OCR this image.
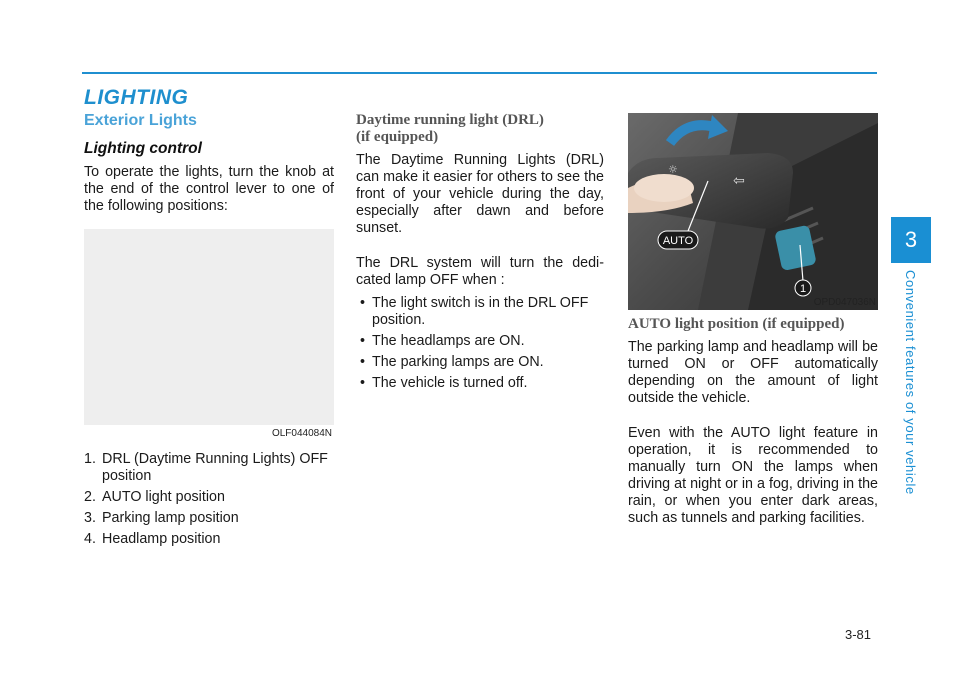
LIGHTING
Exterior Lights
Lighting control

To operate the lights, turn the knob at the end of the control lever to one of the following positions:

OLF044084N
1. DRL (Daytime Running Lights) OFF position
2. AUTO light position
3. Parking lamp position
4. Headlamp position
Daytime running light (DRL)
(if equipped)

The Daytime Running Lights (DRL) can make it easier for others to see the front of your vehicle during the day, especially after dawn and before sunset.

The DRL system will turn the dedi-cated lamp OFF when :

• The light switch is in the DRL OFF position.
• The headlamps are ON.
• The parking lamps are ON.
• The vehicle is turned off.
☼
⇦
AUTO
1
OPD047036N
AUTO light position (if equipped)

The parking lamp and headlamp will be turned ON or OFF automatically depending on the amount of light outside the vehicle.

Even with the AUTO light feature in operation, it is recommended to manually turn ON the lamps when driving at night or in a fog, driving in the rain, or when you enter dark areas, such as tunnels and parking facilities.

3-81
3
Convenient features of your vehicle
